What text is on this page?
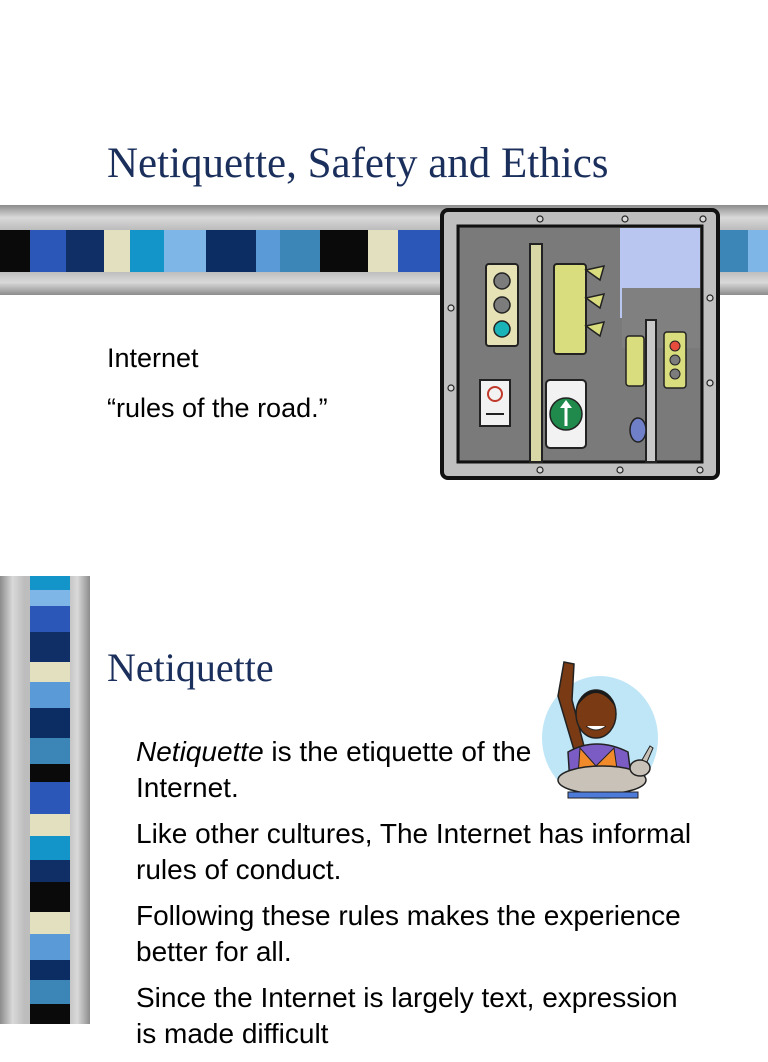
Netiquette, Safety and Ethics
Internet
“rules of the road.”
Netiquette
Netiquette is the etiquette of the Internet.
Like other cultures, The Internet has informal rules of conduct.
Following these rules makes the experience better for all.
Since the Internet is largely text, expression is made difficult
